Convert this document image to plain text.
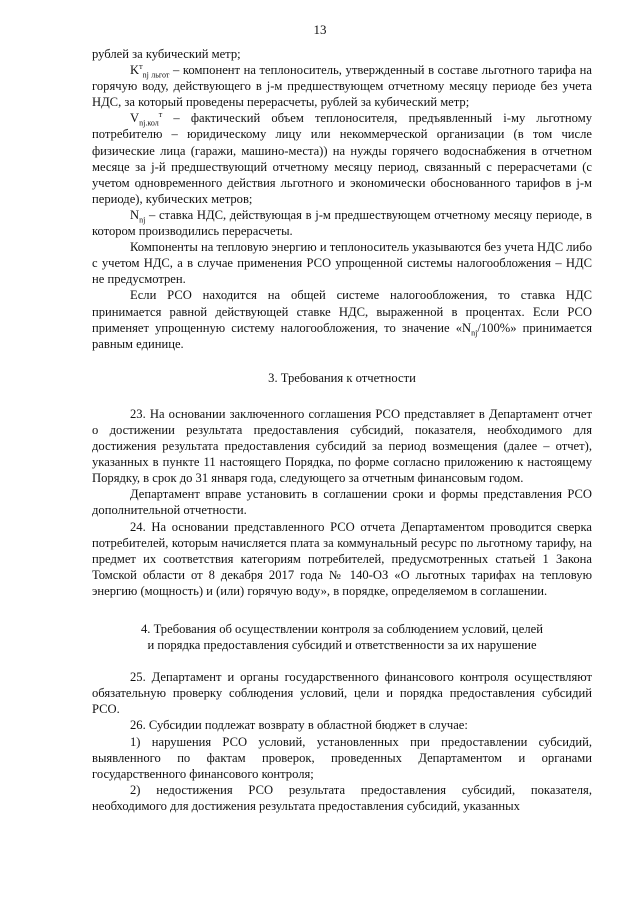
13

рублей за кубический метр;

$K^т_{nj льгот}$ – компонент на теплоноситель, утвержденный в составе льготного тарифа на горячую воду, действующего в j-м предшествующем отчетному месяцу периоде без учета НДС, за который проведены перерасчеты, рублей за кубический метр;

$V_{nj.кол}^т$ – фактический объем теплоносителя, предъявленный i-му льготному потребителю – юридическому лицу или некоммерческой организации (в том числе физические лица (гаражи, машино-места)) на нужды горячего водоснабжения в отчетном месяце за j-й предшествующий отчетному месяцу период, связанный с перерасчетами (с учетом одновременного действия льготного и экономически обоснованного тарифов в j-м периоде), кубических метров;

$N_{nj}$ – ставка НДС, действующая в j-м предшествующем отчетному месяцу периоде, в котором производились перерасчеты.

Компоненты на тепловую энергию и теплоноситель указываются без учета НДС либо с учетом НДС, а в случае применения РСО упрощенной системы налогообложения – НДС не предусмотрен.

Если РСО находится на общей системе налогообложения, то ставка НДС принимается равной действующей ставке НДС, выраженной в процентах. Если РСО применяет упрощенную систему налогообложения, то значение «$N_{nj}/100\%$» принимается равным единице.

3. Требования к отчетности

23. На основании заключенного соглашения РСО представляет в Департамент отчет о достижении результата предоставления субсидий, показателя, необходимого для достижения результата предоставления субсидий за период возмещения (далее – отчет), указанных в пункте 11 настоящего Порядка, по форме согласно приложению к настоящему Порядку, в срок до 31 января года, следующего за отчетным финансовым годом.

Департамент вправе установить в соглашении сроки и формы представления РСО дополнительной отчетности.

24. На основании представленного РСО отчета Департаментом проводится сверка потребителей, которым начисляется плата за коммунальный ресурс по льготному тарифу, на предмет их соответствия категориям потребителей, предусмотренных статьей 1 Закона Томской области от 8 декабря 2017 года № 140-ОЗ «О льготных тарифах на тепловую энергию (мощность) и (или) горячую воду», в порядке, определяемом в соглашении.

4. Требования об осуществлении контроля за соблюдением условий, целей

и порядка предоставления субсидий и ответственности за их нарушение

25. Департамент и органы государственного финансового контроля осуществляют обязательную проверку соблюдения условий, цели и порядка предоставления субсидий РСО.

26. Субсидии подлежат возврату в областной бюджет в случае:

1) нарушения РСО условий, установленных при предоставлении субсидий, выявленного по фактам проверок, проведенных Департаментом и органами государственного финансового контроля;

2) недостижения РСО результата предоставления субсидий, показателя, необходимого для достижения результата предоставления субсидий, указанных
